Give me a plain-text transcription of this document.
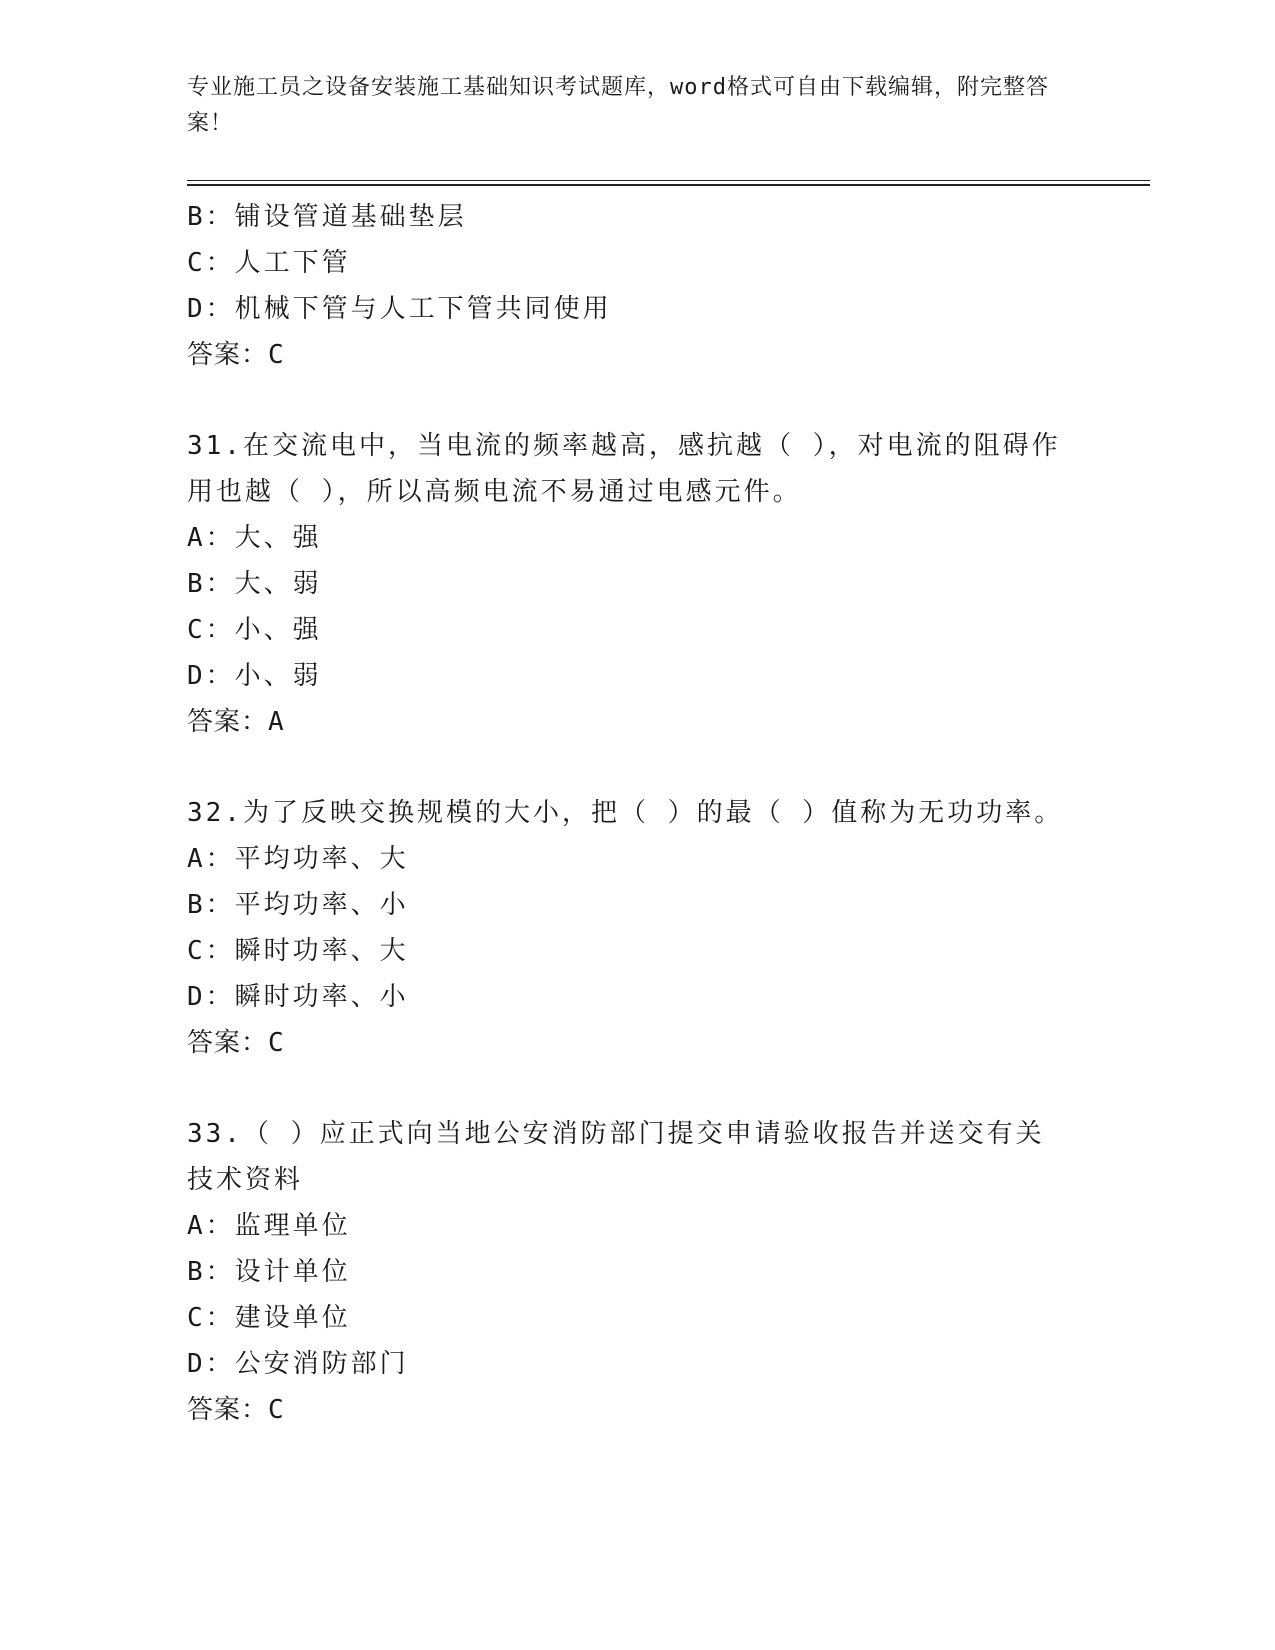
专业施工员之设备安装施工基础知识考试题库，word格式可自由下载编辑，附完整答案！

B：铺设管道基础垫层
C：人工下管
D：机械下管与人工下管共同使用
答案：C
31.在交流电中，当电流的频率越高，感抗越（ ），对电流的阻碍作用也越（ ），所以高频电流不易通过电感元件。
A：大、强
B：大、弱
C：小、强
D：小、弱
答案：A
32.为了反映交换规模的大小，把（ ）的最（ ）值称为无功功率。
A：平均功率、大
B：平均功率、小
C：瞬时功率、大
D：瞬时功率、小
答案：C
33.（ ）应正式向当地公安消防部门提交申请验收报告并送交有关技术资料
A：监理单位
B：设计单位
C：建设单位
D：公安消防部门
答案：C
